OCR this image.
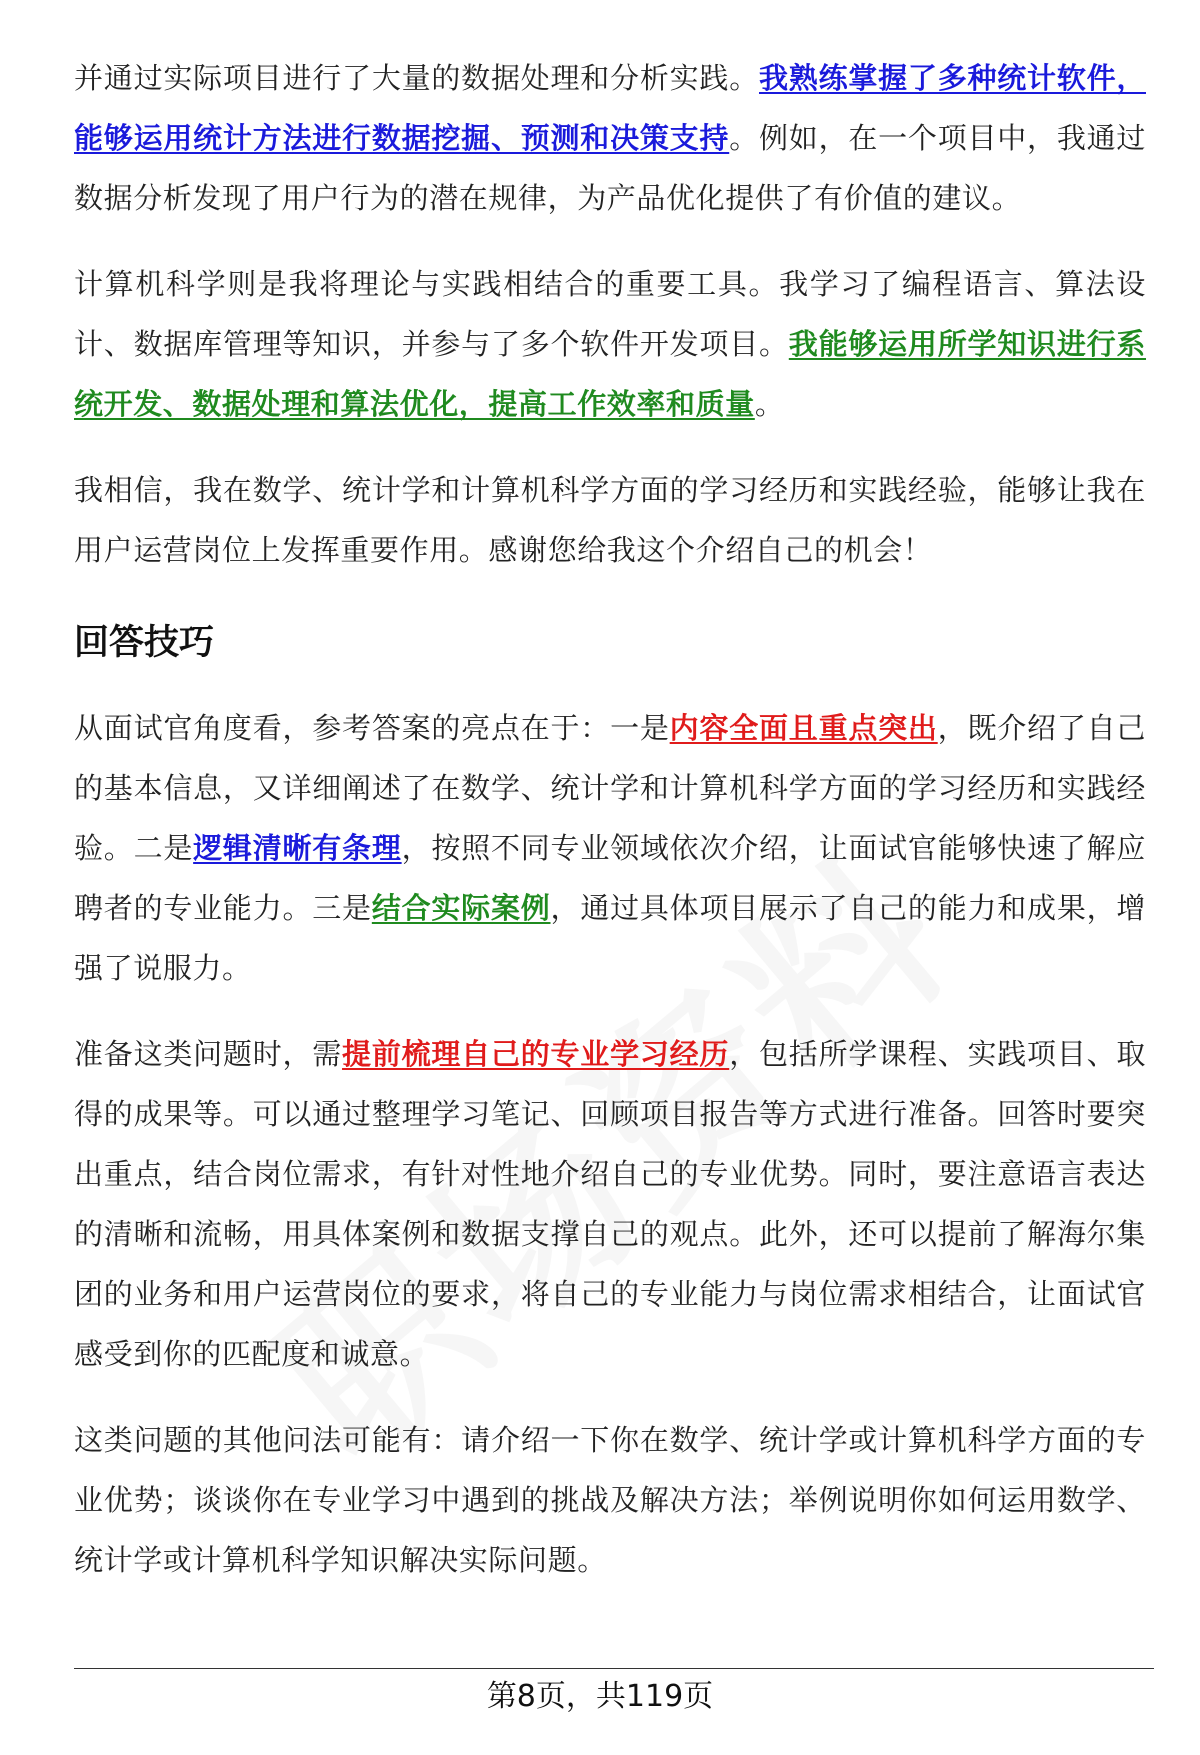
并通过实际项目进行了大量的数据处理和分析实践。我熟练掌握了多种统计软件，能够运用统计方法进行数据挖掘、预测和决策支持。例如，在一个项目中，我通过数据分析发现了用户行为的潜在规律，为产品优化提供了有价值的建议。

计算机科学则是我将理论与实践相结合的重要工具。我学习了编程语言、算法设计、数据库管理等知识，并参与了多个软件开发项目。我能够运用所学知识进行系统开发、数据处理和算法优化，提高工作效率和质量。

我相信，我在数学、统计学和计算机科学方面的学习经历和实践经验，能够让我在用户运营岗位上发挥重要作用。感谢您给我这个介绍自己的机会！

回答技巧

从面试官角度看，参考答案的亮点在于：一是内容全面且重点突出，既介绍了自己的基本信息，又详细阐述了在数学、统计学和计算机科学方面的学习经历和实践经验。二是逻辑清晰有条理，按照不同专业领域依次介绍，让面试官能够快速了解应聘者的专业能力。三是结合实际案例，通过具体项目展示了自己的能力和成果，增强了说服力。

准备这类问题时，需提前梳理自己的专业学习经历，包括所学课程、实践项目、取得的成果等。可以通过整理学习笔记、回顾项目报告等方式进行准备。回答时要突出重点，结合岗位需求，有针对性地介绍自己的专业优势。同时，要注意语言表达的清晰和流畅，用具体案例和数据支撑自己的观点。此外，还可以提前了解海尔集团的业务和用户运营岗位的要求，将自己的专业能力与岗位需求相结合，让面试官感受到你的匹配度和诚意。

这类问题的其他问法可能有：请介绍一下你在数学、统计学或计算机科学方面的专业优势；谈谈你在专业学习中遇到的挑战及解决方法；举例说明你如何运用数学、统计学或计算机科学知识解决实际问题。

第8页，共119页
